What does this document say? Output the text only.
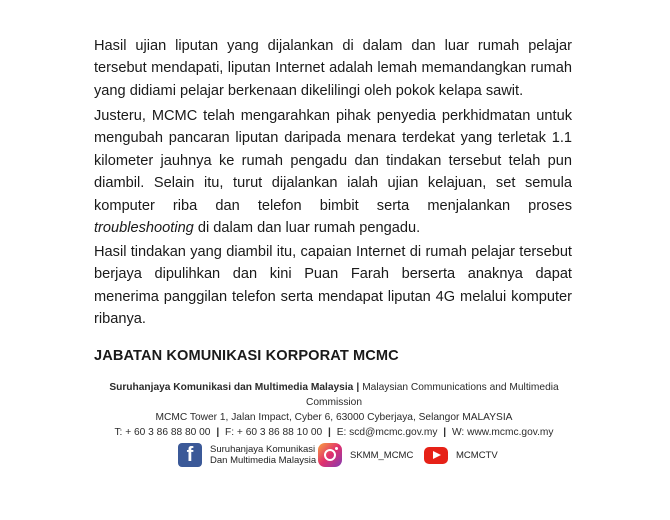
Hasil ujian liputan yang dijalankan di dalam dan luar rumah pelajar tersebut mendapati, liputan Internet adalah lemah memandangkan rumah yang didiami pelajar berkenaan dikelilingi oleh pokok kelapa sawit.

Justeru, MCMC telah mengarahkan pihak penyedia perkhidmatan untuk mengubah pancaran liputan daripada menara terdekat yang terletak 1.1 kilometer jauhnya ke rumah pengadu dan tindakan tersebut telah pun diambil. Selain itu, turut dijalankan ialah ujian kelajuan, set semula komputer riba dan telefon bimbit serta menjalankan proses troubleshooting di dalam dan luar rumah pengadu.

Hasil tindakan yang diambil itu, capaian Internet di rumah pelajar tersebut berjaya dipulihkan dan kini Puan Farah berserta anaknya dapat menerima panggilan telefon serta mendapat liputan 4G melalui komputer ribanya.

JABATAN KOMUNIKASI KORPORAT MCMC
Suruhanjaya Komunikasi dan Multimedia Malaysia | Malaysian Communications and Multimedia Commission
MCMC Tower 1, Jalan Impact, Cyber 6, 63000 Cyberjaya, Selangor MALAYSIA
T: + 60 3 86 88 80 00 | F: + 60 3 86 88 10 00 | E: scd@mcmc.gov.my | W: www.mcmc.gov.my
f	Suruhanjaya Komunikasi
Dan Multimedia Malaysia	SKMM_MCMC	MCMCTV
